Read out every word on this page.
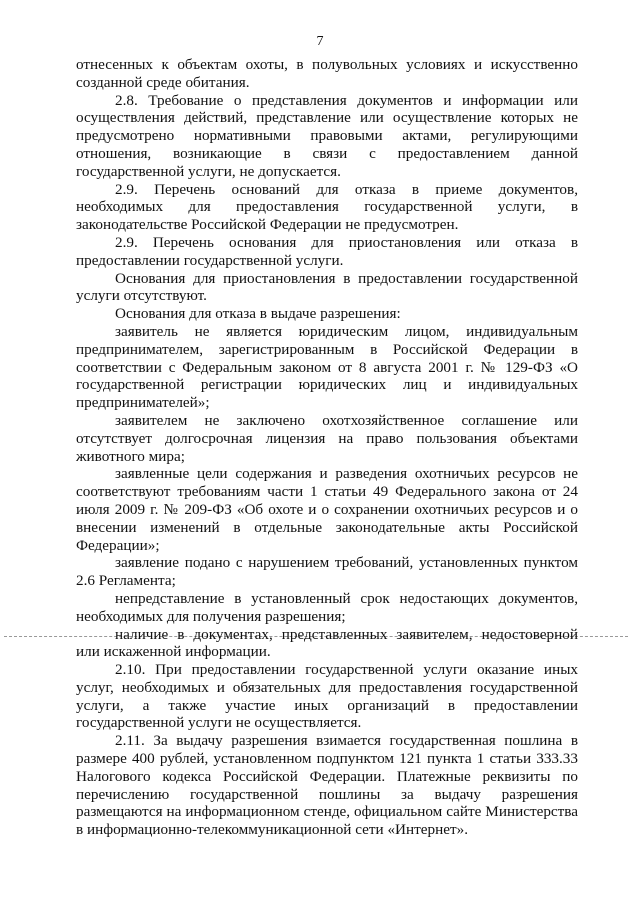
7

отнесенных к объектам охоты, в полувольных условиях и искусственно созданной среде обитания.

2.8. Требование о представления документов и информации или осуществления действий, представление или осуществление которых не предусмотрено нормативными правовыми актами, регулирующими отношения, возникающие в связи с предоставлением данной государственной услуги, не допускается.

2.9. Перечень оснований для отказа в приеме документов, необходимых для предоставления государственной услуги, в законодательстве Российской Федерации не предусмотрен.

2.9. Перечень основания для приостановления или отказа в предоставлении государственной услуги.

Основания для приостановления в предоставлении государственной услуги отсутствуют.

Основания для отказа в выдаче разрешения:

заявитель не является юридическим лицом, индивидуальным предпринимателем, зарегистрированным в Российской Федерации в соответствии с Федеральным законом от 8 августа 2001 г. № 129-ФЗ «О государственной регистрации юридических лиц и индивидуальных предпринимателей»;

заявителем не заключено охотхозяйственное соглашение или отсутствует долгосрочная лицензия на право пользования объектами животного мира;

заявленные цели содержания и разведения охотничьих ресурсов не соответствуют требованиям части 1 статьи 49 Федерального закона от 24 июля 2009 г. № 209-ФЗ «Об охоте и о сохранении охотничьих ресурсов и о внесении изменений в отдельные законодательные акты Российской Федерации»;

заявление подано с нарушением требований, установленных пунктом 2.6 Регламента;

непредставление в установленный срок недостающих документов, необходимых для получения разрешения;

наличие в документах, представленных заявителем, недостоверной или искаженной информации.

2.10. При предоставлении государственной услуги оказание иных услуг, необходимых и обязательных для предоставления государственной услуги, а также участие иных организаций в предоставлении государственной услуги не осуществляется.

2.11. За выдачу разрешения взимается государственная пошлина в размере 400 рублей, установленном подпунктом 121 пункта 1 статьи 333.33 Налогового кодекса Российской Федерации. Платежные реквизиты по перечислению государственной пошлины за выдачу разрешения размещаются на информационном стенде, официальном сайте Министерства в информационно-телекоммуникационной сети «Интернет».
